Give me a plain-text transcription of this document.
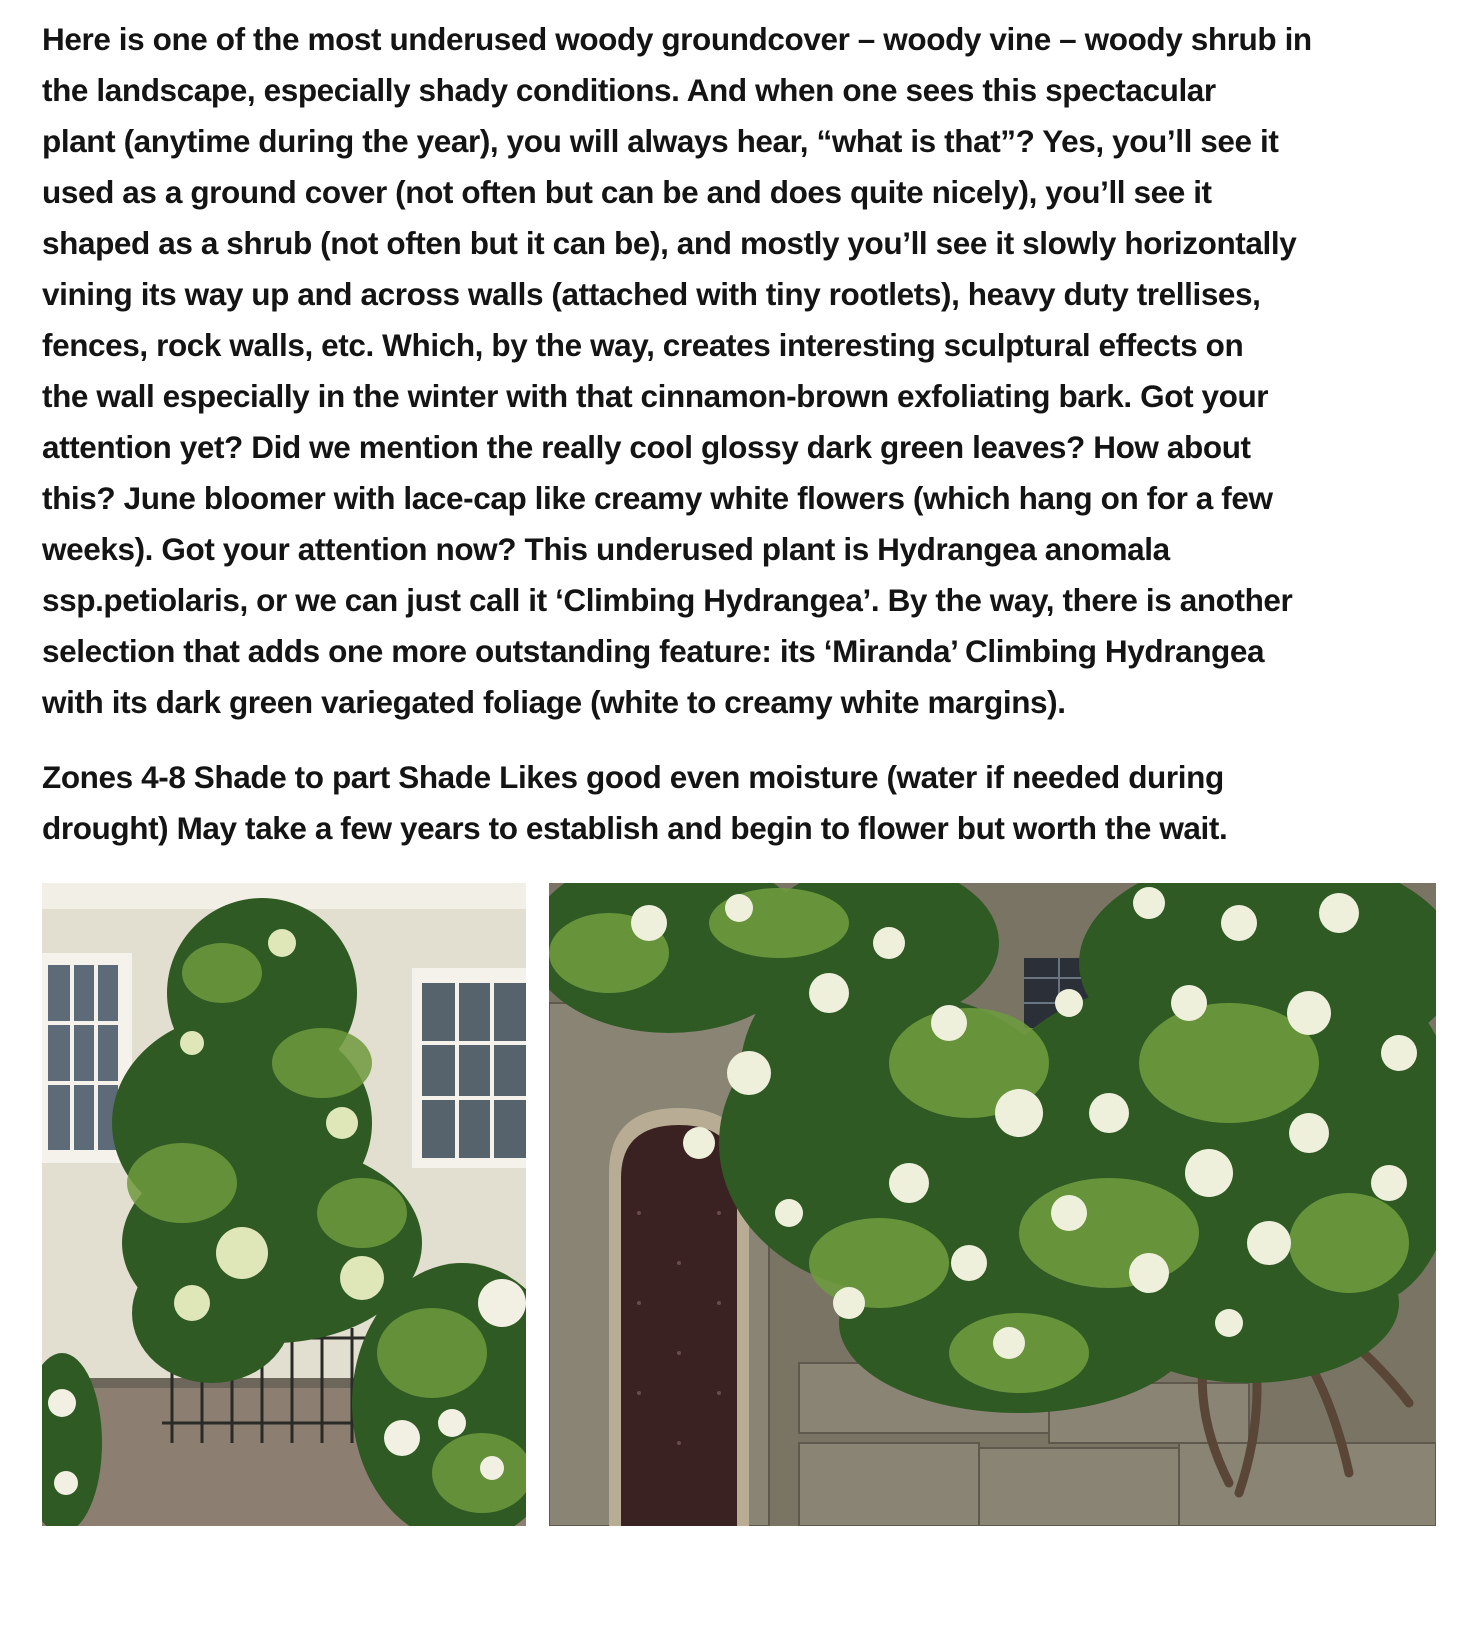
Here is one of the most underused woody groundcover – woody vine – woody shrub in
the landscape, especially shady conditions. And when one sees this spectacular
plant (anytime during the year), you will always hear, “what is that”? Yes, you’ll see it
used as a ground cover (not often but can be and does quite nicely), you’ll see it
shaped as a shrub (not often but it can be), and mostly you’ll see it slowly horizontally
vining its way up and across walls (attached with tiny rootlets), heavy duty trellises,
fences, rock walls, etc. Which, by the way, creates interesting sculptural effects on
the wall especially in the winter with that cinnamon-brown exfoliating bark. Got your
attention yet? Did we mention the really cool glossy dark green leaves? How about
this? June bloomer with lace-cap like creamy white flowers (which hang on for a few
weeks). Got your attention now? This underused plant is Hydrangea anomala
ssp.petiolaris, or we can just call it ‘Climbing Hydrangea’. By the way, there is another
selection that adds one more outstanding feature: its ‘Miranda’ Climbing Hydrangea
with its dark green variegated foliage (white to creamy white margins).

Zones 4-8 Shade to part Shade Likes good even moisture (water if needed during
drought) May take a few years to establish and begin to flower but worth the wait.
